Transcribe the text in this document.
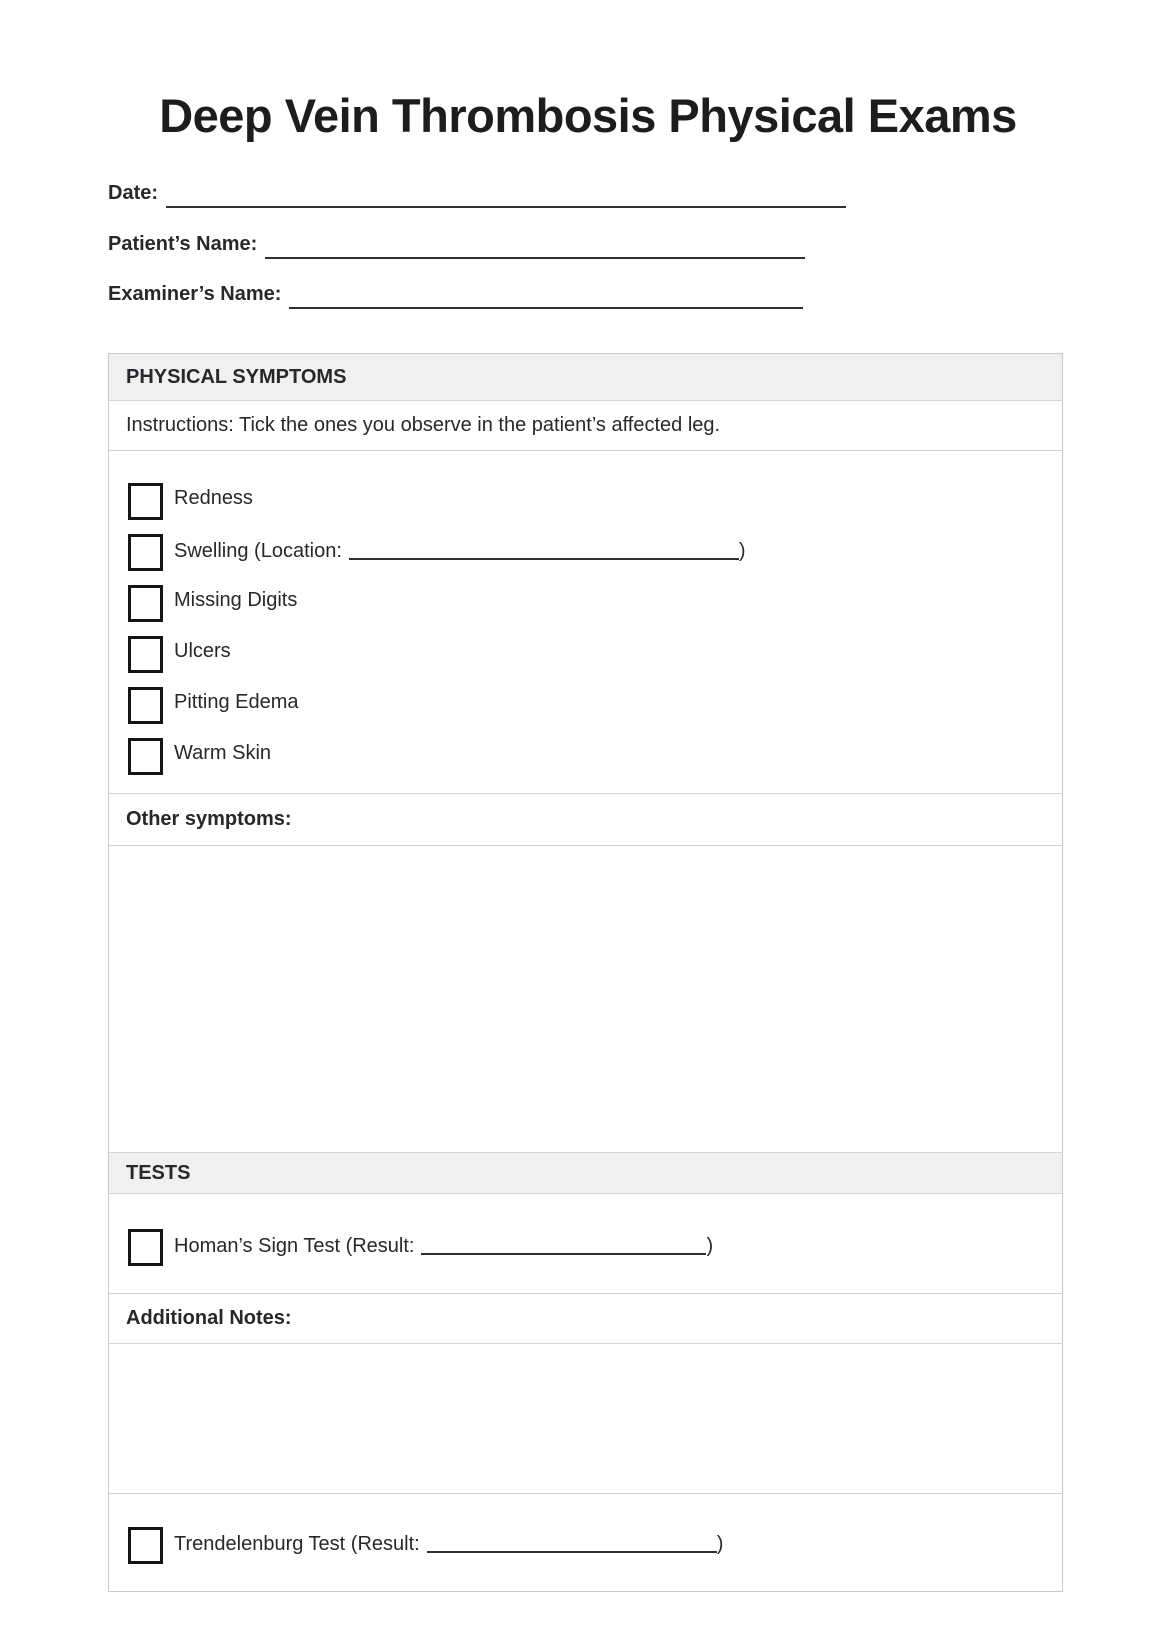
Deep Vein Thrombosis Physical Exams
Date:
Patient’s Name:
Examiner’s Name:
PHYSICAL SYMPTOMS
Instructions: Tick the ones you observe in the patient’s affected leg.
Redness
Swelling (Location:	)
Missing Digits
Ulcers
Pitting Edema
Warm Skin
Other symptoms:
TESTS
Homan’s Sign Test (Result:	)
Additional Notes:
Trendelenburg Test (Result:	)
